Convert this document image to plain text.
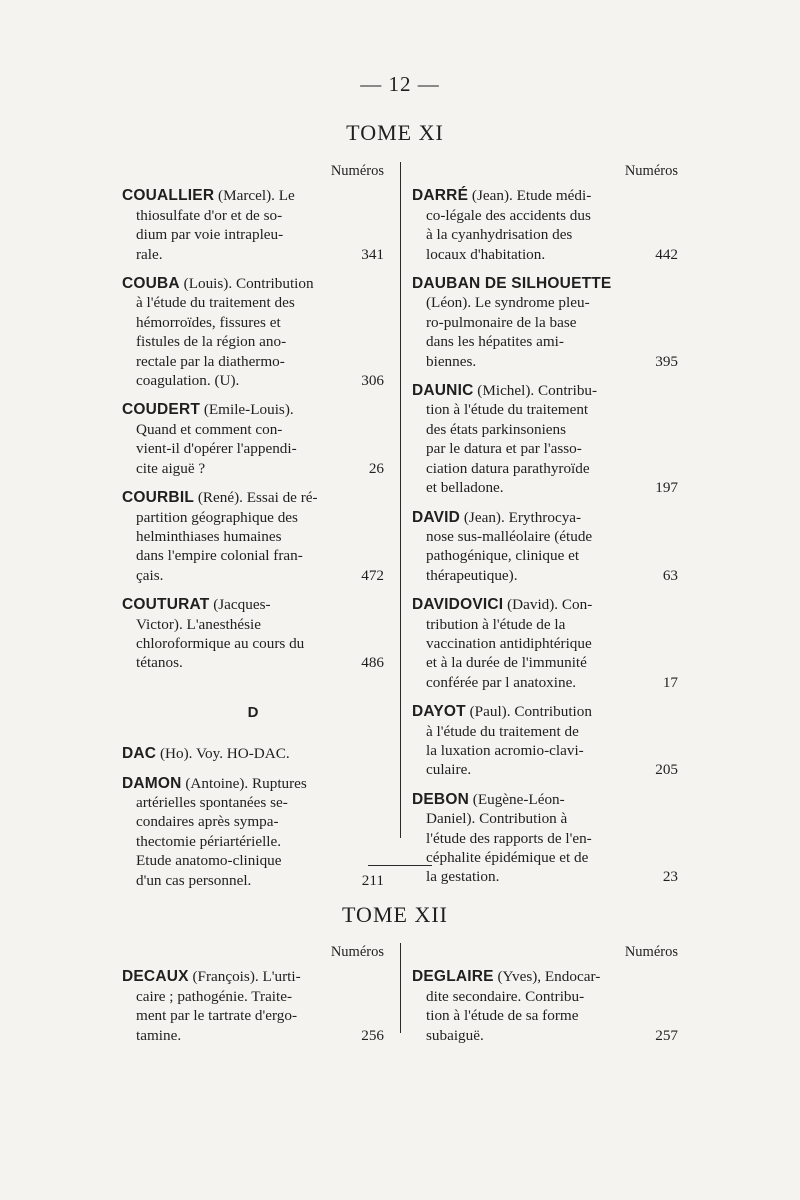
— 12 —
TOME XI
Numéros
COUALLIER (Marcel). Le
thiosulfate d'or et de so-
dium par voie intrapleu-
rale.	341
COUBA (Louis). Contribution
à l'étude du traitement des
hémorroïdes, fissures et
fistules de la région ano-
rectale par la diathermo-
coagulation. (U).	306
COUDERT (Emile-Louis).
Quand et comment con-
vient-il d'opérer l'appendi-
cite aiguë ?	26
COURBIL (René). Essai de ré-
partition géographique des
helminthiases humaines
dans l'empire colonial fran-
çais.	472
COUTURAT (Jacques-
Victor). L'anesthésie
chloroformique au cours du
tétanos.	486
D
DAC (Ho). Voy. HO-DAC.
DAMON (Antoine). Ruptures
artérielles spontanées se-
condaires après sympa-
thectomie périartérielle.
Etude anatomo-clinique
d'un cas personnel.	211
Numéros
DARRÉ (Jean). Etude médi-
co-légale des accidents dus
à la cyanhydrisation des
locaux d'habitation.	442
DAUBAN DE SILHOUETTE
(Léon). Le syndrome pleu-
ro-pulmonaire de la base
dans les hépatites ami-
biennes.	395
DAUNIC (Michel). Contribu-
tion à l'étude du traitement
des états parkinsoniens
par le datura et par l'asso-
ciation datura parathyroïde
et belladone.	197
DAVID (Jean). Erythrocya-
nose sus-malléolaire (étude
pathogénique, clinique et
thérapeutique).	63
DAVIDOVICI (David). Con-
tribution à l'étude de la
vaccination antidiphtérique
et à la durée de l'immunité
conférée par l anatoxine.	17
DAYOT (Paul). Contribution
à l'étude du traitement de
la luxation acromio-clavi-
culaire.	205
DEBON (Eugène-Léon-
Daniel). Contribution à
l'étude des rapports de l'en-
céphalite épidémique et de
la gestation.	23
TOME XII
Numéros
DECAUX (François). L'urti-
caire ; pathogénie. Traite-
ment par le tartrate d'ergo-
tamine.	256
Numéros
DEGLAIRE (Yves), Endocar-
dite secondaire. Contribu-
tion à l'étude de sa forme
subaiguë.	257
